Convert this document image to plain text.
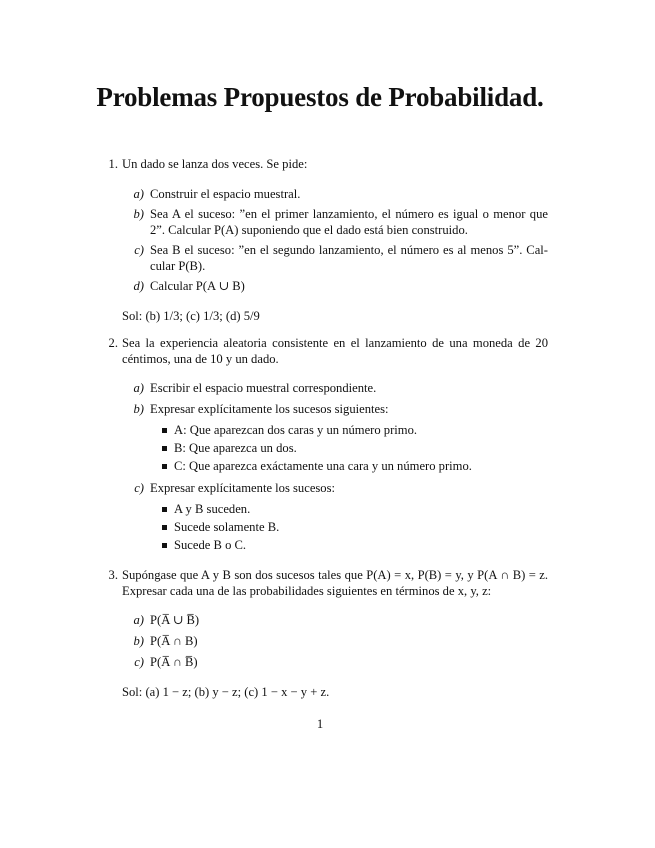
Problemas Propuestos de Probabilidad.
1. Un dado se lanza dos veces. Se pide:
a) Construir el espacio muestral.
b) Sea A el suceso: ”en el primer lanzamiento, el número es igual o menor que
2”. Calcular P(A) suponiendo que el dado está bien construido.
c) Sea B el suceso: ”en el segundo lanzamiento, el número es al menos 5”. Cal-
cular P(B).
d) Calcular P(A ∪ B)
Sol: (b) 1/3; (c) 1/3; (d) 5/9
2. Sea la experiencia aleatoria consistente en el lanzamiento de una moneda de 20
céntimos, una de 10 y un dado.
a) Escribir el espacio muestral correspondiente.
b) Expresar explícitamente los sucesos siguientes:
A: Que aparezcan dos caras y un número primo.
B: Que aparezca un dos.
C: Que aparezca exáctamente una cara y un número primo.
c) Expresar explícitamente los sucesos:
A y B suceden.
Sucede solamente B.
Sucede B o C.
3. Supóngase que A y B son dos sucesos tales que P(A) = x, P(B) = y, y P(A ∩ B) = z.
Expresar cada una de las probabilidades siguientes en términos de x, y, z:
a) P(A̅ ∪ B̅)
b) P(A̅ ∩ B)
c) P(A̅ ∩ B̅)
Sol: (a) 1 − z; (b) y − z; (c) 1 − x − y + z.
1
